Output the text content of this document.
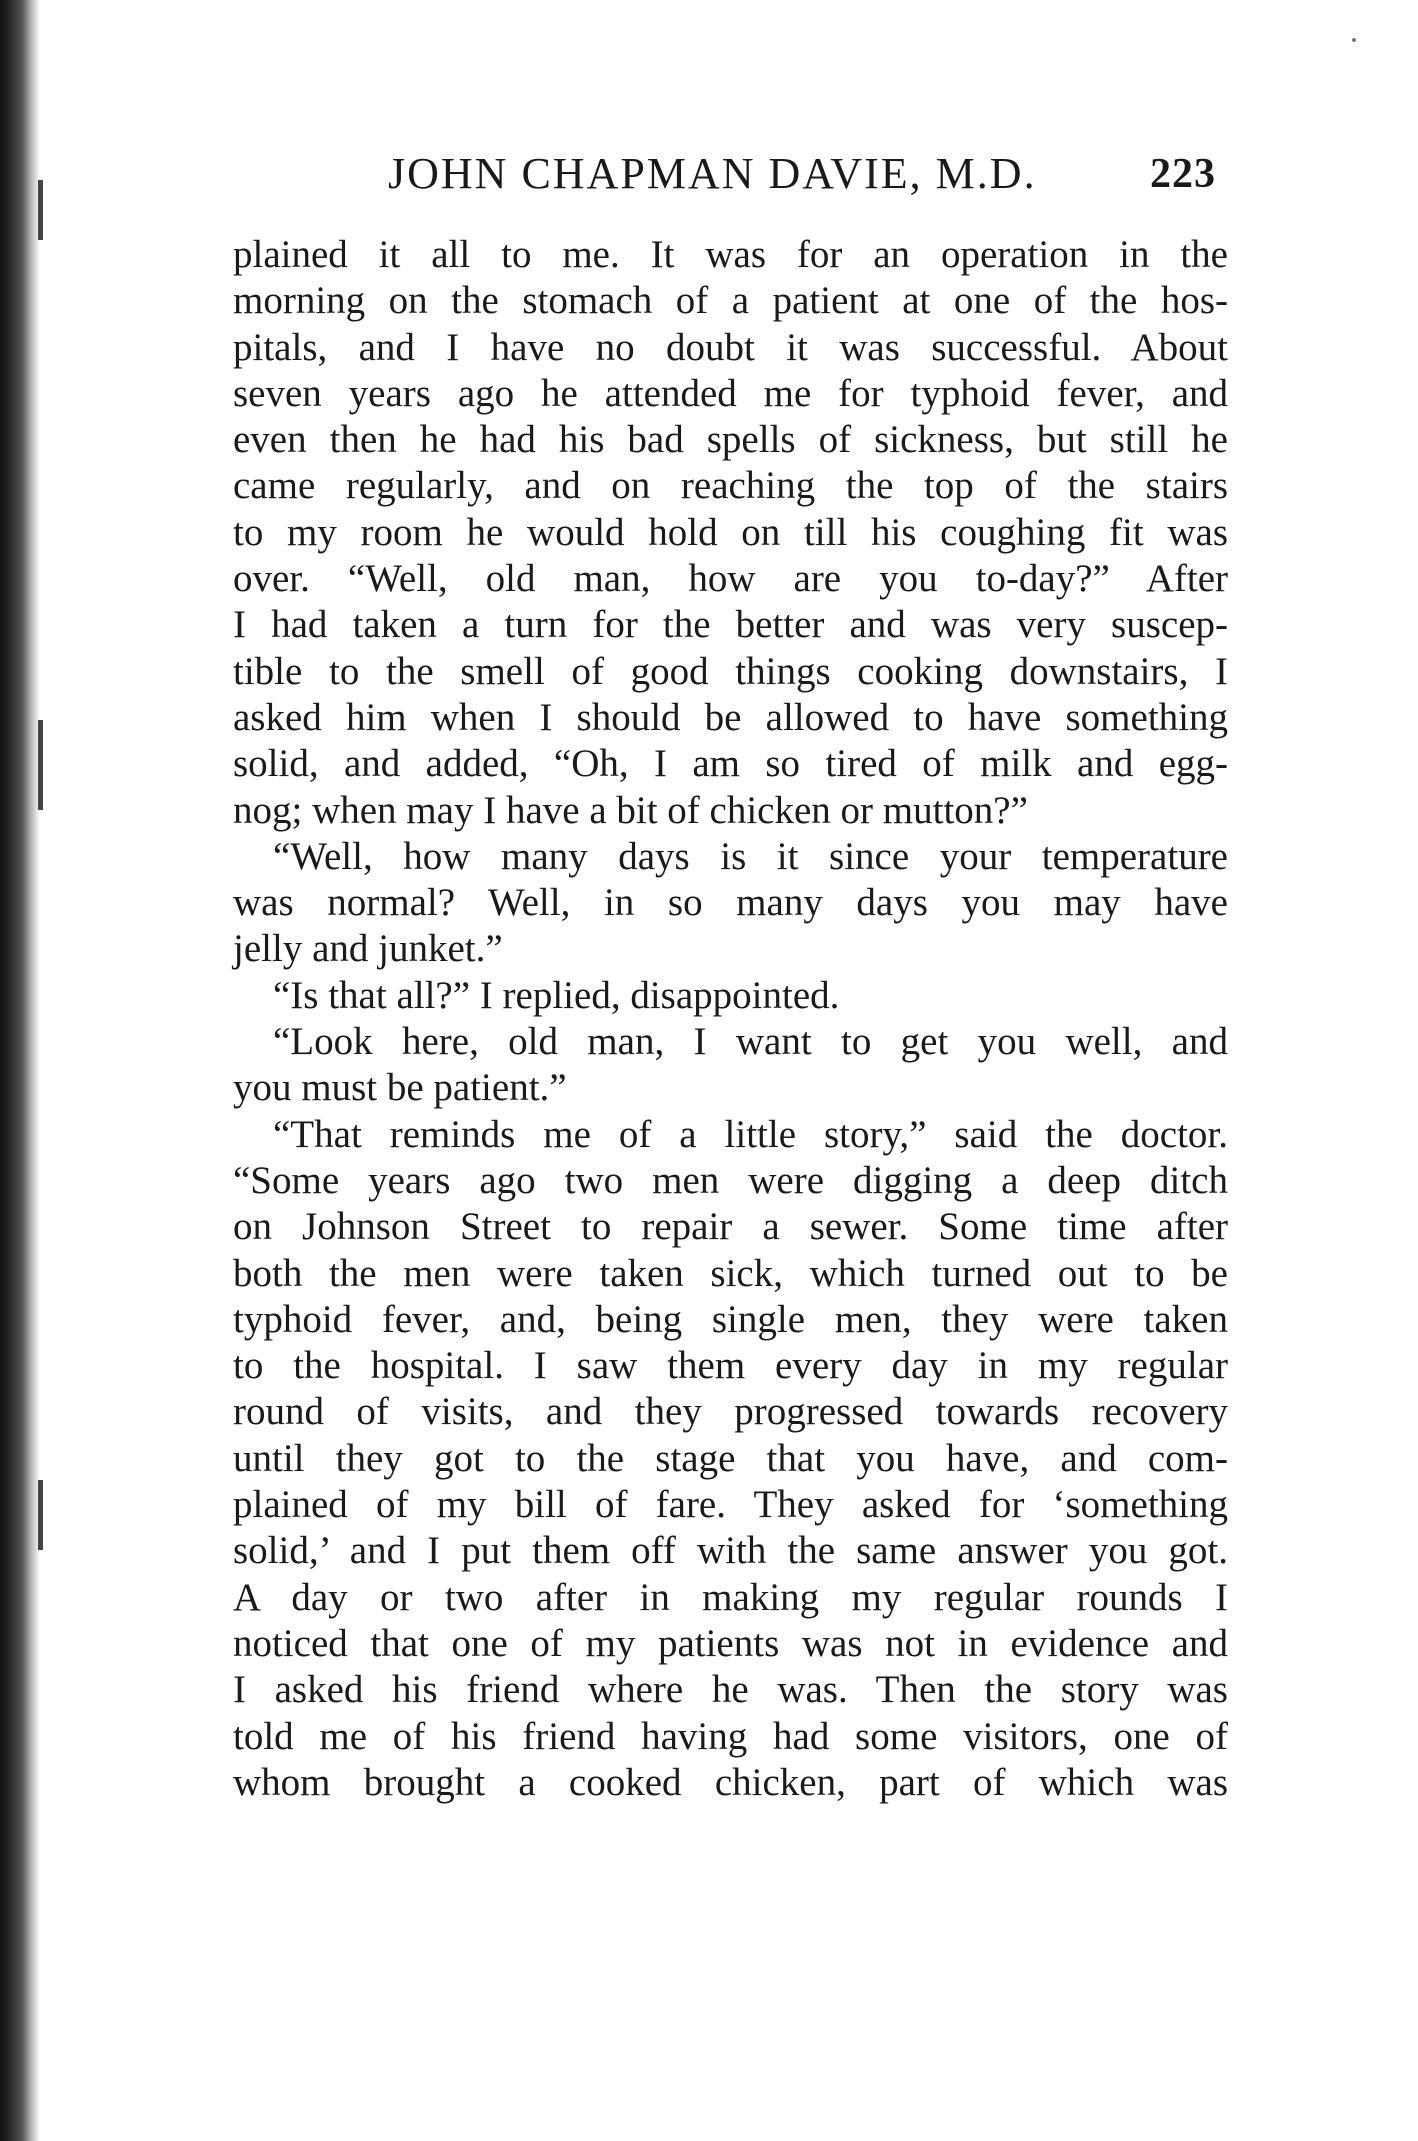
JOHN CHAPMAN DAVIE, M.D.	223
plained it all to me. It was for an operation in the
morning on the stomach of a patient at one of the hos-
pitals, and I have no doubt it was successful. About
seven years ago he attended me for typhoid fever, and
even then he had his bad spells of sickness, but still he
came regularly, and on reaching the top of the stairs
to my room he would hold on till his coughing fit was
over. “Well, old man, how are you to-day?” After
I had taken a turn for the better and was very suscep-
tible to the smell of good things cooking downstairs, I
asked him when I should be allowed to have something
solid, and added, “Oh, I am so tired of milk and egg-
nog; when may I have a bit of chicken or mutton?”
“Well, how many days is it since your temperature
was normal? Well, in so many days you may have
jelly and junket.”
“Is that all?” I replied, disappointed.
“Look here, old man, I want to get you well, and
you must be patient.”
“That reminds me of a little story,” said the doctor.
“Some years ago two men were digging a deep ditch
on Johnson Street to repair a sewer. Some time after
both the men were taken sick, which turned out to be
typhoid fever, and, being single men, they were taken
to the hospital. I saw them every day in my regular
round of visits, and they progressed towards recovery
until they got to the stage that you have, and com-
plained of my bill of fare. They asked for ‘something
solid,’ and I put them off with the same answer you got.
A day or two after in making my regular rounds I
noticed that one of my patients was not in evidence and
I asked his friend where he was. Then the story was
told me of his friend having had some visitors, one of
whom brought a cooked chicken, part of which was
